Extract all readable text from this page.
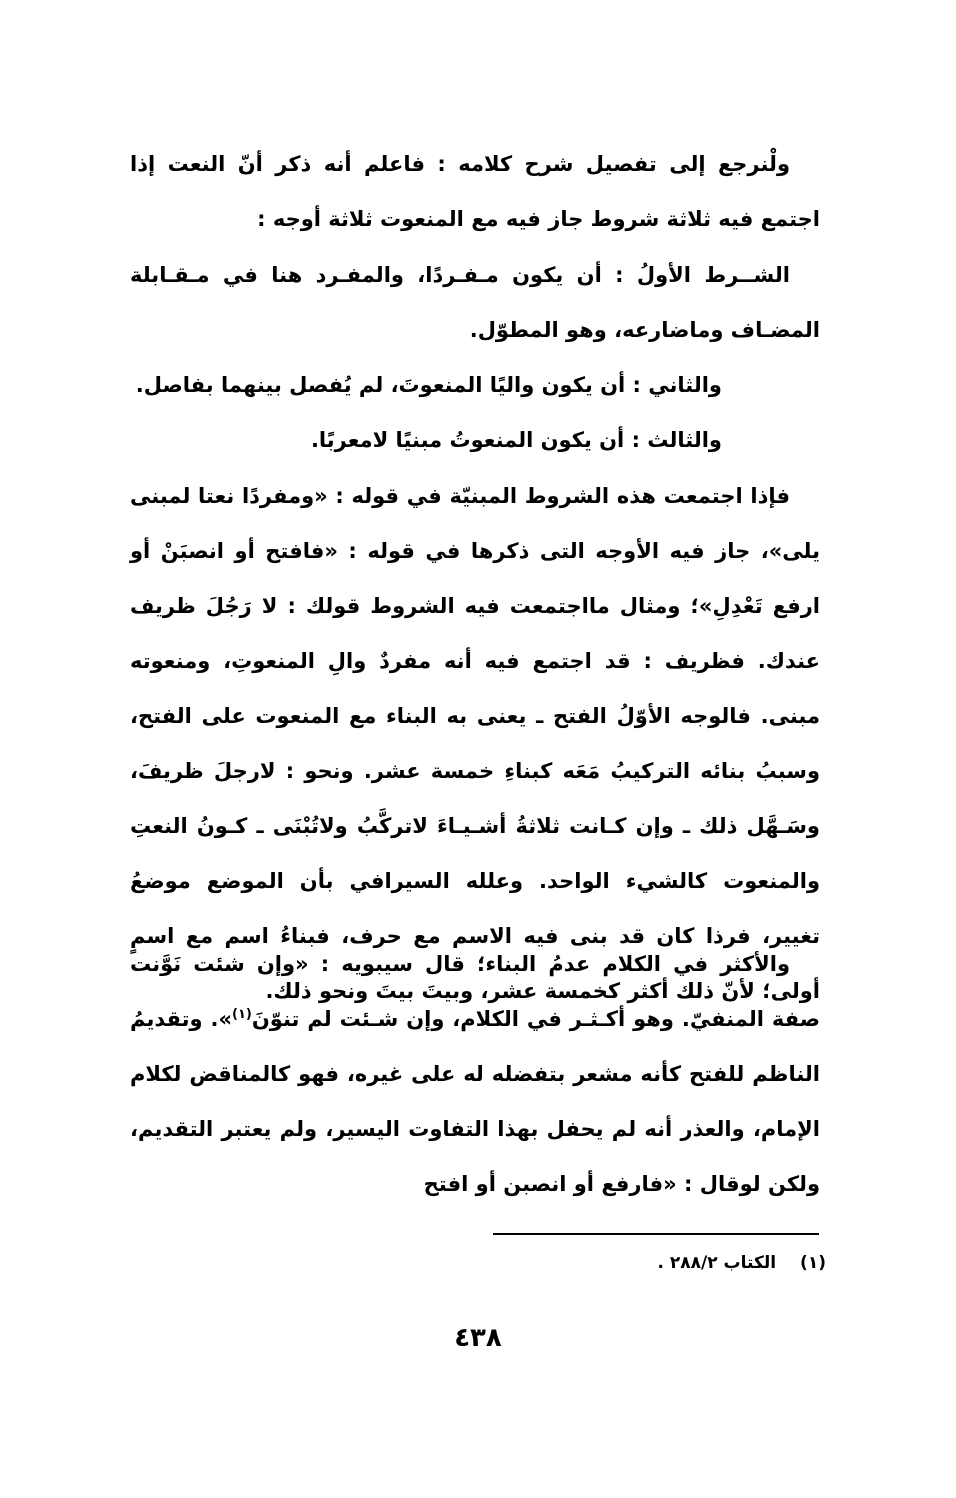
ولْنرجع إلى تفصيل شرح كلامه : فاعلم أنه ذكر أنّ النعت إذا اجتمع فيه ثلاثة شروط جاز فيه مع المنعوت ثلاثة أوجه :

الشــرط الأولُ : أن يكون مـفـردًا، والمفـرد هنا في مـقـابلة المضـاف وماضارعه، وهو المطوّل.

والثاني : أن يكون واليًا المنعوتَ، لم يُفصل بينهما بفاصل.

والثالث : أن يكون المنعوتُ مبنيًا لامعربًا.

فإذا اجتمعت هذه الشروط المبنيّة في قوله : «ومفردًا نعتا لمبنى يلى»، جاز فيه الأوجه التى ذكرها في قوله : «فافتح أو انصبَنْ أو ارفع تَعْدِلِ»؛ ومثال مااجتمعت فيه الشروط قولك : لا رَجُلَ ظريف عندك. فظريف : قد اجتمع فيه أنه مفردٌ والِ المنعوتِ، ومنعوته مبنى. فالوجه الأوّلُ الفتح ـ يعنى به البناء مع المنعوت على الفتح، وسببُ بنائه التركيبُ مَعَه كبناءِ خمسة عشر. ونحو : لارجلَ ظريفَ، وسَـهَّل ذلك ـ وإن كـانت ثلاثةُ أشـيـاءَ لاتركَّبُ ولاتُبْنَى ـ كـونُ النعتِ والمنعوت كالشيء الواحد. وعلله السيرافي بأن الموضع موضعُ تغيير، فرذا كان قد بنى فيه الاسم مع حرف، فبناءُ اسم مع اسمٍ أولى؛ لأنّ ذلك أكثر كخمسة عشر، وبيتَ بيتَ ونحو ذلك.

والأكثر في الكلام عدمُ البناء؛ قال سيبويه : «وإن شئت نَوَّنت صفة المنفيّ. وهو أكـثـر في الكلام، وإن شـئت لم تنوّنَ$^{(١)}$». وتقديمُ الناظم للفتح كأنه مشعر بتفضله له على غيره، فهو كالمناقض لكلام الإمام، والعذر أنه لم يحفل بهذا التفاوت اليسير، ولم يعتبر التقديم، ولكن لوقال : «فارفع أو انصبن أو افتح

(١)الكتاب ٢٨٨/٢ .
٤٣٨
